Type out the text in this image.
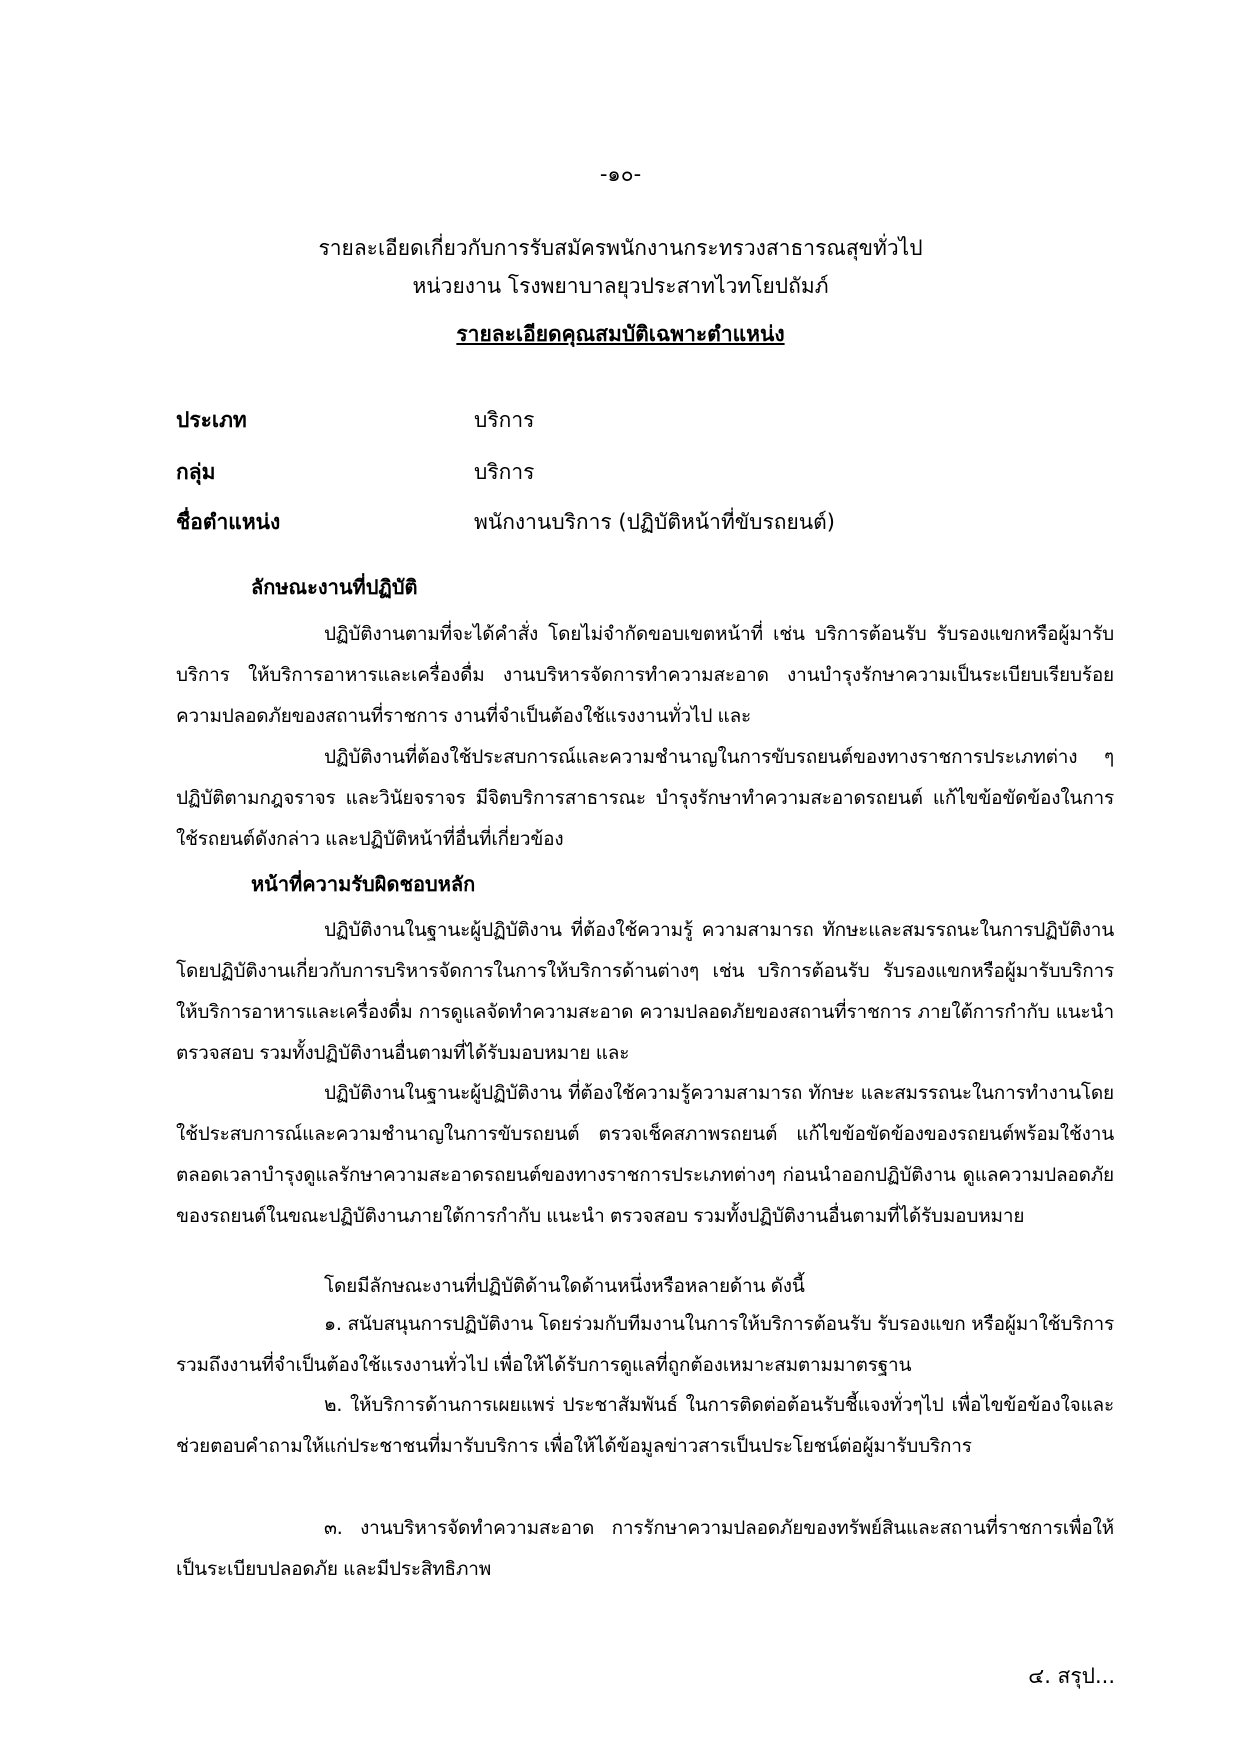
-๑๐-
รายละเอียดเกี่ยวกับการรับสมัครพนักงานกระทรวงสาธารณสุขทั่วไป
หน่วยงาน โรงพยาบาลยุวประสาทไวทโยปถัมภ์
รายละเอียดคุณสมบัติเฉพาะตำแหน่ง
ประเภท	บริการ
กลุ่ม	บริการ
ชื่อตำแหน่ง	พนักงานบริการ (ปฏิบัติหน้าที่ขับรถยนต์)
ลักษณะงานที่ปฏิบัติ

ปฏิบัติงานตามที่จะได้คำสั่ง โดยไม่จำกัดขอบเขตหน้าที่ เช่น บริการต้อนรับ รับรองแขกหรือผู้มารับบริการ ให้บริการอาหารและเครื่องดื่ม งานบริหารจัดการทำความสะอาด งานบำรุงรักษาความเป็นระเบียบเรียบร้อย ความปลอดภัยของสถานที่ราชการ งานที่จำเป็นต้องใช้แรงงานทั่วไป และ

ปฏิบัติงานที่ต้องใช้ประสบการณ์และความชำนาญในการขับรถยนต์ของทางราชการประเภทต่าง ๆ ปฏิบัติตามกฎจราจร และวินัยจราจร มีจิตบริการสาธารณะ บำรุงรักษาทำความสะอาดรถยนต์ แก้ไขข้อขัดข้องในการใช้รถยนต์ดังกล่าว และปฏิบัติหน้าที่อื่นที่เกี่ยวข้อง

หน้าที่ความรับผิดชอบหลัก

ปฏิบัติงานในฐานะผู้ปฏิบัติงาน ที่ต้องใช้ความรู้ ความสามารถ ทักษะและสมรรถนะในการปฏิบัติงาน โดยปฏิบัติงานเกี่ยวกับการบริหารจัดการในการให้บริการด้านต่างๆ เช่น บริการต้อนรับ รับรองแขกหรือผู้มารับบริการ ให้บริการอาหารและเครื่องดื่ม การดูแลจัดทำความสะอาด ความปลอดภัยของสถานที่ราชการ ภายใต้การกำกับ แนะนำ ตรวจสอบ รวมทั้งปฏิบัติงานอื่นตามที่ได้รับมอบหมาย และ

ปฏิบัติงานในฐานะผู้ปฏิบัติงาน ที่ต้องใช้ความรู้ความสามารถ ทักษะ และสมรรถนะในการทำงานโดยใช้ประสบการณ์และความชำนาญในการขับรถยนต์ ตรวจเช็คสภาพรถยนต์ แก้ไขข้อขัดข้องของรถยนต์พร้อมใช้งานตลอดเวลาบำรุงดูแลรักษาความสะอาดรถยนต์ของทางราชการประเภทต่างๆ ก่อนนำออกปฏิบัติงาน ดูแลความปลอดภัยของรถยนต์ในขณะปฏิบัติงานภายใต้การกำกับ แนะนำ ตรวจสอบ รวมทั้งปฏิบัติงานอื่นตามที่ได้รับมอบหมาย

โดยมีลักษณะงานที่ปฏิบัติด้านใดด้านหนึ่งหรือหลายด้าน ดังนี้

๑. สนับสนุนการปฏิบัติงาน โดยร่วมกับทีมงานในการให้บริการต้อนรับ รับรองแขก หรือผู้มาใช้บริการ รวมถึงงานที่จำเป็นต้องใช้แรงงานทั่วไป เพื่อให้ได้รับการดูแลที่ถูกต้องเหมาะสมตามมาตรฐาน

๒. ให้บริการด้านการเผยแพร่ ประชาสัมพันธ์ ในการติดต่อต้อนรับชี้แจงทั่วๆไป เพื่อไขข้อข้องใจและช่วยตอบคำถามให้แก่ประชาชนที่มารับบริการ เพื่อให้ได้ข้อมูลข่าวสารเป็นประโยชน์ต่อผู้มารับบริการ

๓. งานบริหารจัดทำความสะอาด การรักษาความปลอดภัยของทรัพย์สินและสถานที่ราชการเพื่อให้เป็นระเบียบปลอดภัย และมีประสิทธิภาพ

๔. สรุป...
